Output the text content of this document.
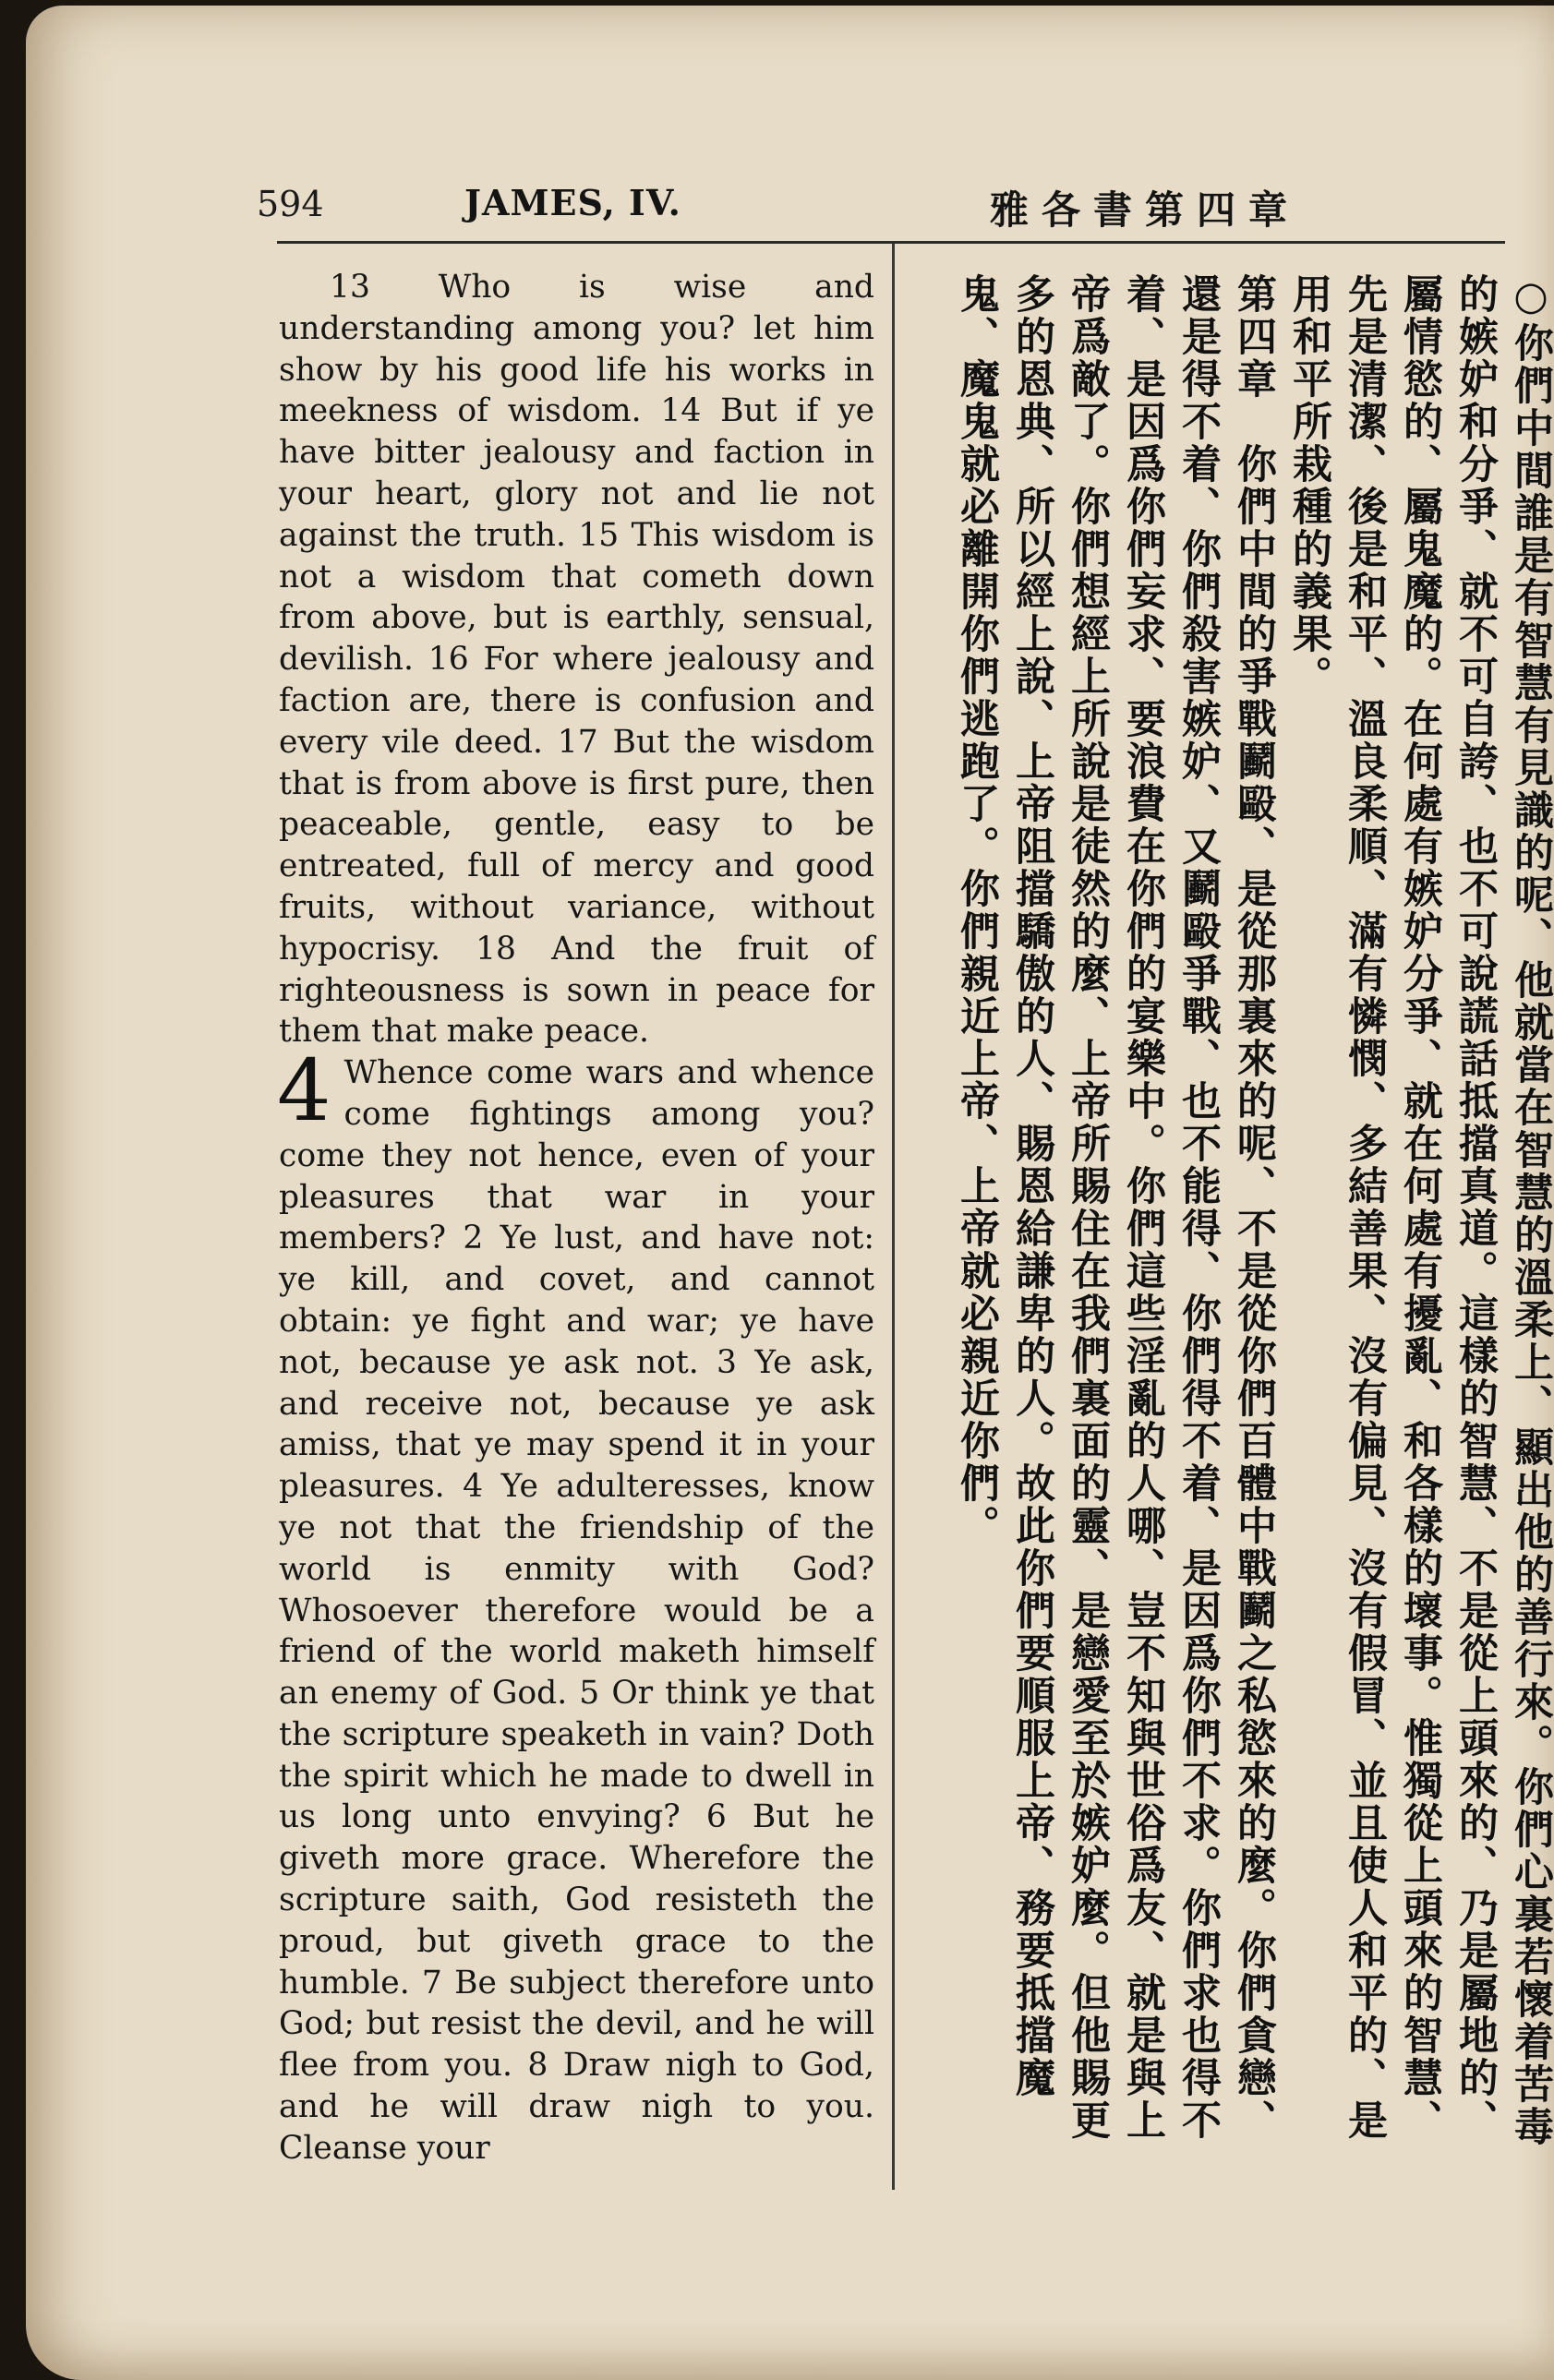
594	JAMES, IV.	雅各書第四章

13 Who is wise and understanding among you? let him show by his good life his works in meekness of wisdom. 14 But if ye have bitter jealousy and faction in your heart, glory not and lie not against the truth. 15 This wisdom is not a wisdom that cometh down from above, but is earthly, sensual, devilish. 16 For where jealousy and faction are, there is confusion and every vile deed. 17 But the wisdom that is from above is first pure, then peaceable, gentle, easy to be entreated, full of mercy and good fruits, without variance, without hypocrisy. 18 And the fruit of righteousness is sown in peace for them that make peace.

4 Whence come wars and whence come fightings among you? come they not hence, even of your pleasures that war in your members? 2 Ye lust, and have not: ye kill, and covet, and cannot obtain: ye fight and war; ye have not, because ye ask not. 3 Ye ask, and receive not, because ye ask amiss, that ye may spend it in your pleasures. 4 Ye adulteresses, know ye not that the friendship of the world is enmity with God? Whosoever therefore would be a friend of the world maketh himself an enemy of God. 5 Or think ye that the scripture speaketh in vain? Doth the spirit which he made to dwell in us long unto envying? 6 But he giveth more grace. Wherefore the scripture saith, God resisteth the proud, but giveth grace to the humble. 7 Be subject therefore unto God; but resist the devil, and he will flee from you. 8 Draw nigh to God, and he will draw nigh to you. Cleanse your	○你們中間誰是有智慧有見識的呢、他就當在智慧的溫柔上、顯出他的善行來。你們心裏若懷着苦毒的嫉妒和分爭、就不可自誇、也不可說謊話抵擋真道。這樣的智慧、不是從上頭來的、乃是屬地的、屬情慾的、屬鬼魔的。在何處有嫉妒分爭、就在何處有擾亂、和各樣的壞事。惟獨從上頭來的智慧、先是清潔、後是和平、溫良柔順、滿有憐憫、多結善果、沒有偏見、沒有假冒、並且使人和平的、是用和平所栽種的義果。

第四章　你們中間的爭戰鬬毆、是從那裏來的呢、不是從你們百體中戰鬬之私慾來的麼。你們貪戀、還是得不着、你們殺害嫉妒、又鬬毆爭戰、也不能得、你們得不着、是因爲你們不求。你們求也得不着、是因爲你們妄求、要浪費在你們的宴樂中。你們這些淫亂的人哪、豈不知與世俗爲友、就是與上帝爲敵了。你們想經上所說是徒然的麼、上帝所賜住在我們裏面的靈、是戀愛至於嫉妒麼。但他賜更多的恩典、所以經上說、上帝阻擋驕傲的人、賜恩給謙卑的人。故此你們要順服上帝、務要抵擋魔鬼、魔鬼就必離開你們逃跑了。你們親近上帝、上帝就必親近你們。
